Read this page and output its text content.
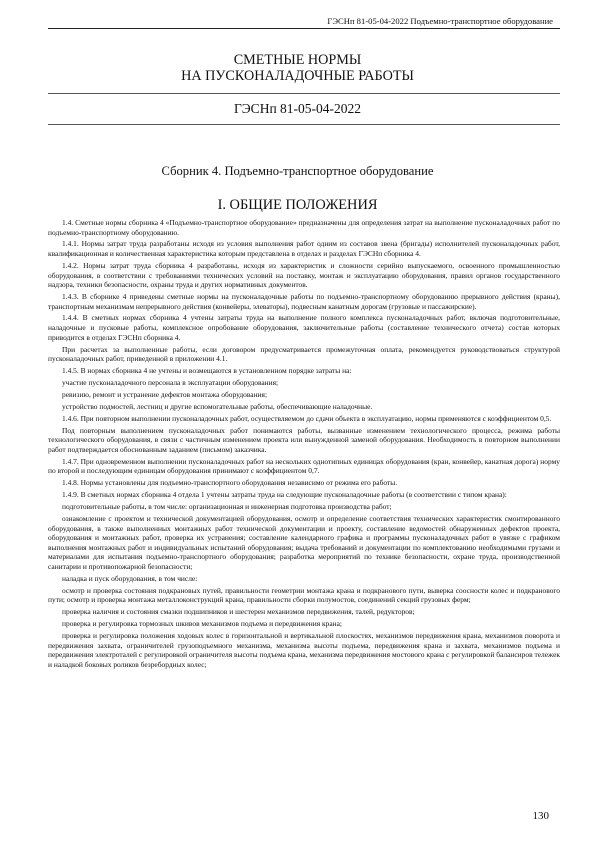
ГЭСНп 81-05-04-2022 Подъемно-транспортное оборудование
СМЕТНЫЕ НОРМЫ
НА ПУСКОНАЛАДОЧНЫЕ РАБОТЫ
ГЭСНп 81-05-04-2022
Сборник 4. Подъемно-транспортное оборудование
I. ОБЩИЕ ПОЛОЖЕНИЯ

1.4. Сметные нормы сборника 4 «Подъемно-транспортное оборудование» предназначены для определения затрат на выполнение пусконаладочных работ по подъемно-транспортному оборудованию.

1.4.1. Нормы затрат труда разработаны исходя из условия выполнения работ одним из составов звена (бригады) исполнителей пусконаладочных работ, квалификационная и количественная характеристика которым представлена в отделах и разделах ГЭСНп сборника 4.

1.4.2. Нормы затрат труда сборника 4 разработаны, исходя из характеристик и сложности серийно выпускаемого, освоенного промышленностью оборудования, в соответствии с требованиями технических условий на поставку, монтаж и эксплуатацию оборудования, правил органов государственного надзора, техники безопасности, охраны труда и других нормативных документов.

1.4.3. В сборнике 4 приведены сметные нормы на пусконаладочные работы по подъемно-транспортному оборудованию прерывного действия (краны), транспортным механизмам непрерывного действия (конвейеры, элеваторы), подвесным канатным дорогам (грузовые и пассажирские).

1.4.4. В сметных нормах сборника 4 учтены затраты труда на выполнение полного комплекса пусконаладочных работ, включая подготовительные, наладочные и пусковые работы, комплексное опробование оборудования, заключительные работы (составление технического отчета) состав которых приводится в отделах ГЭСНп сборника 4.

При расчетах за выполненные работы, если договором предусматривается промежуточная оплата, рекомендуется руководствоваться структурой пусконаладочных работ, приведенной в приложении 4.1.

1.4.5. В нормах сборника 4 не учтены и возмещаются в установленном порядке затраты на:

участие пусконаладочного персонала в эксплуатации оборудования;

ревизию, ремонт и устранение дефектов монтажа оборудования;

устройство подмостей, лестниц и другие вспомогательные работы, обеспечивающие наладочные.

1.4.6. При повторном выполнении пусконаладочных работ, осуществляемом до сдачи объекта в эксплуатацию, нормы применяются с коэффициентом 0,5.

Под повторным выполнением пусконаладочных работ понимаются работы, вызванные изменением технологического процесса, режима работы технологического оборудования, в связи с частичным изменением проекта или вынужденной заменой оборудования. Необходимость в повторном выполнении работ подтверждается обоснованным заданием (письмом) заказчика.

1.4.7. При одновременном выполнении пусконаладочных работ на нескольких однотипных единицах оборудования (кран, конвейер, канатная дорога) норму по второй и последующим единицам оборудования принимают с коэффициентом 0,7.

1.4.8. Нормы установлены для подъемно-транспортного оборудования независимо от режима его работы.

1.4.9. В сметных нормах сборника 4 отдела 1 учтены затраты труда на следующие пусконаладочные работы (в соответствии с типом крана):

подготовительные работы, в том числе: организационная и инженерная подготовка производства работ;

ознакомление с проектом и технической документацией оборудования, осмотр и определение соответствия технических характеристик смонтированного оборудования, в также выполненных монтажных работ технической документации и проекту, составление ведомостей обнаруженных дефектов проекта, оборудования и монтажных работ, проверка их устранения; составление календарного графика и программы пусконаладочных работ в увязке с графиком выполнения монтажных работ и индивидуальных испытаний оборудования; выдача требований и документации по комплектованию необходимыми грузами и материалами для испытания подъемно-транспортного оборудования; разработка мероприятий по технике безопасности, охране труда, производственной санитарии и противопожарной безопасности;

наладка и пуск оборудования, в том числе:

осмотр и проверка состояния подкрановых путей, правильности геометрии монтажа крана и подкранового пути, выверка соосности колес и подкранового пути; осмотр и проверка монтажа металлоконструкций крана, правильности сборки полумостов, соединений секций грузовых ферм;

проверка наличия и состояния смазки подшипников и шестерен механизмов передвижения, талей, редукторов;

проверка и регулировка тормозных шкивов механизмов подъема и передвижения крана;

проверка и регулировка положения ходовых колес в горизонтальной и вертикальной плоскостях, механизмов передвижения крана, механизмов поворота и передвижения захвата, ограничителей грузоподъемного механизма, механизма высоты подъема, передвижения крана и захвата, механизмов подъема и передвижения электроталей с регулировкой ограничителя высоты подъема крана, механизма передвижения мостового крана с регулировкой балансиров тележек и наладкой боковых роликов безребордных колес;

130
